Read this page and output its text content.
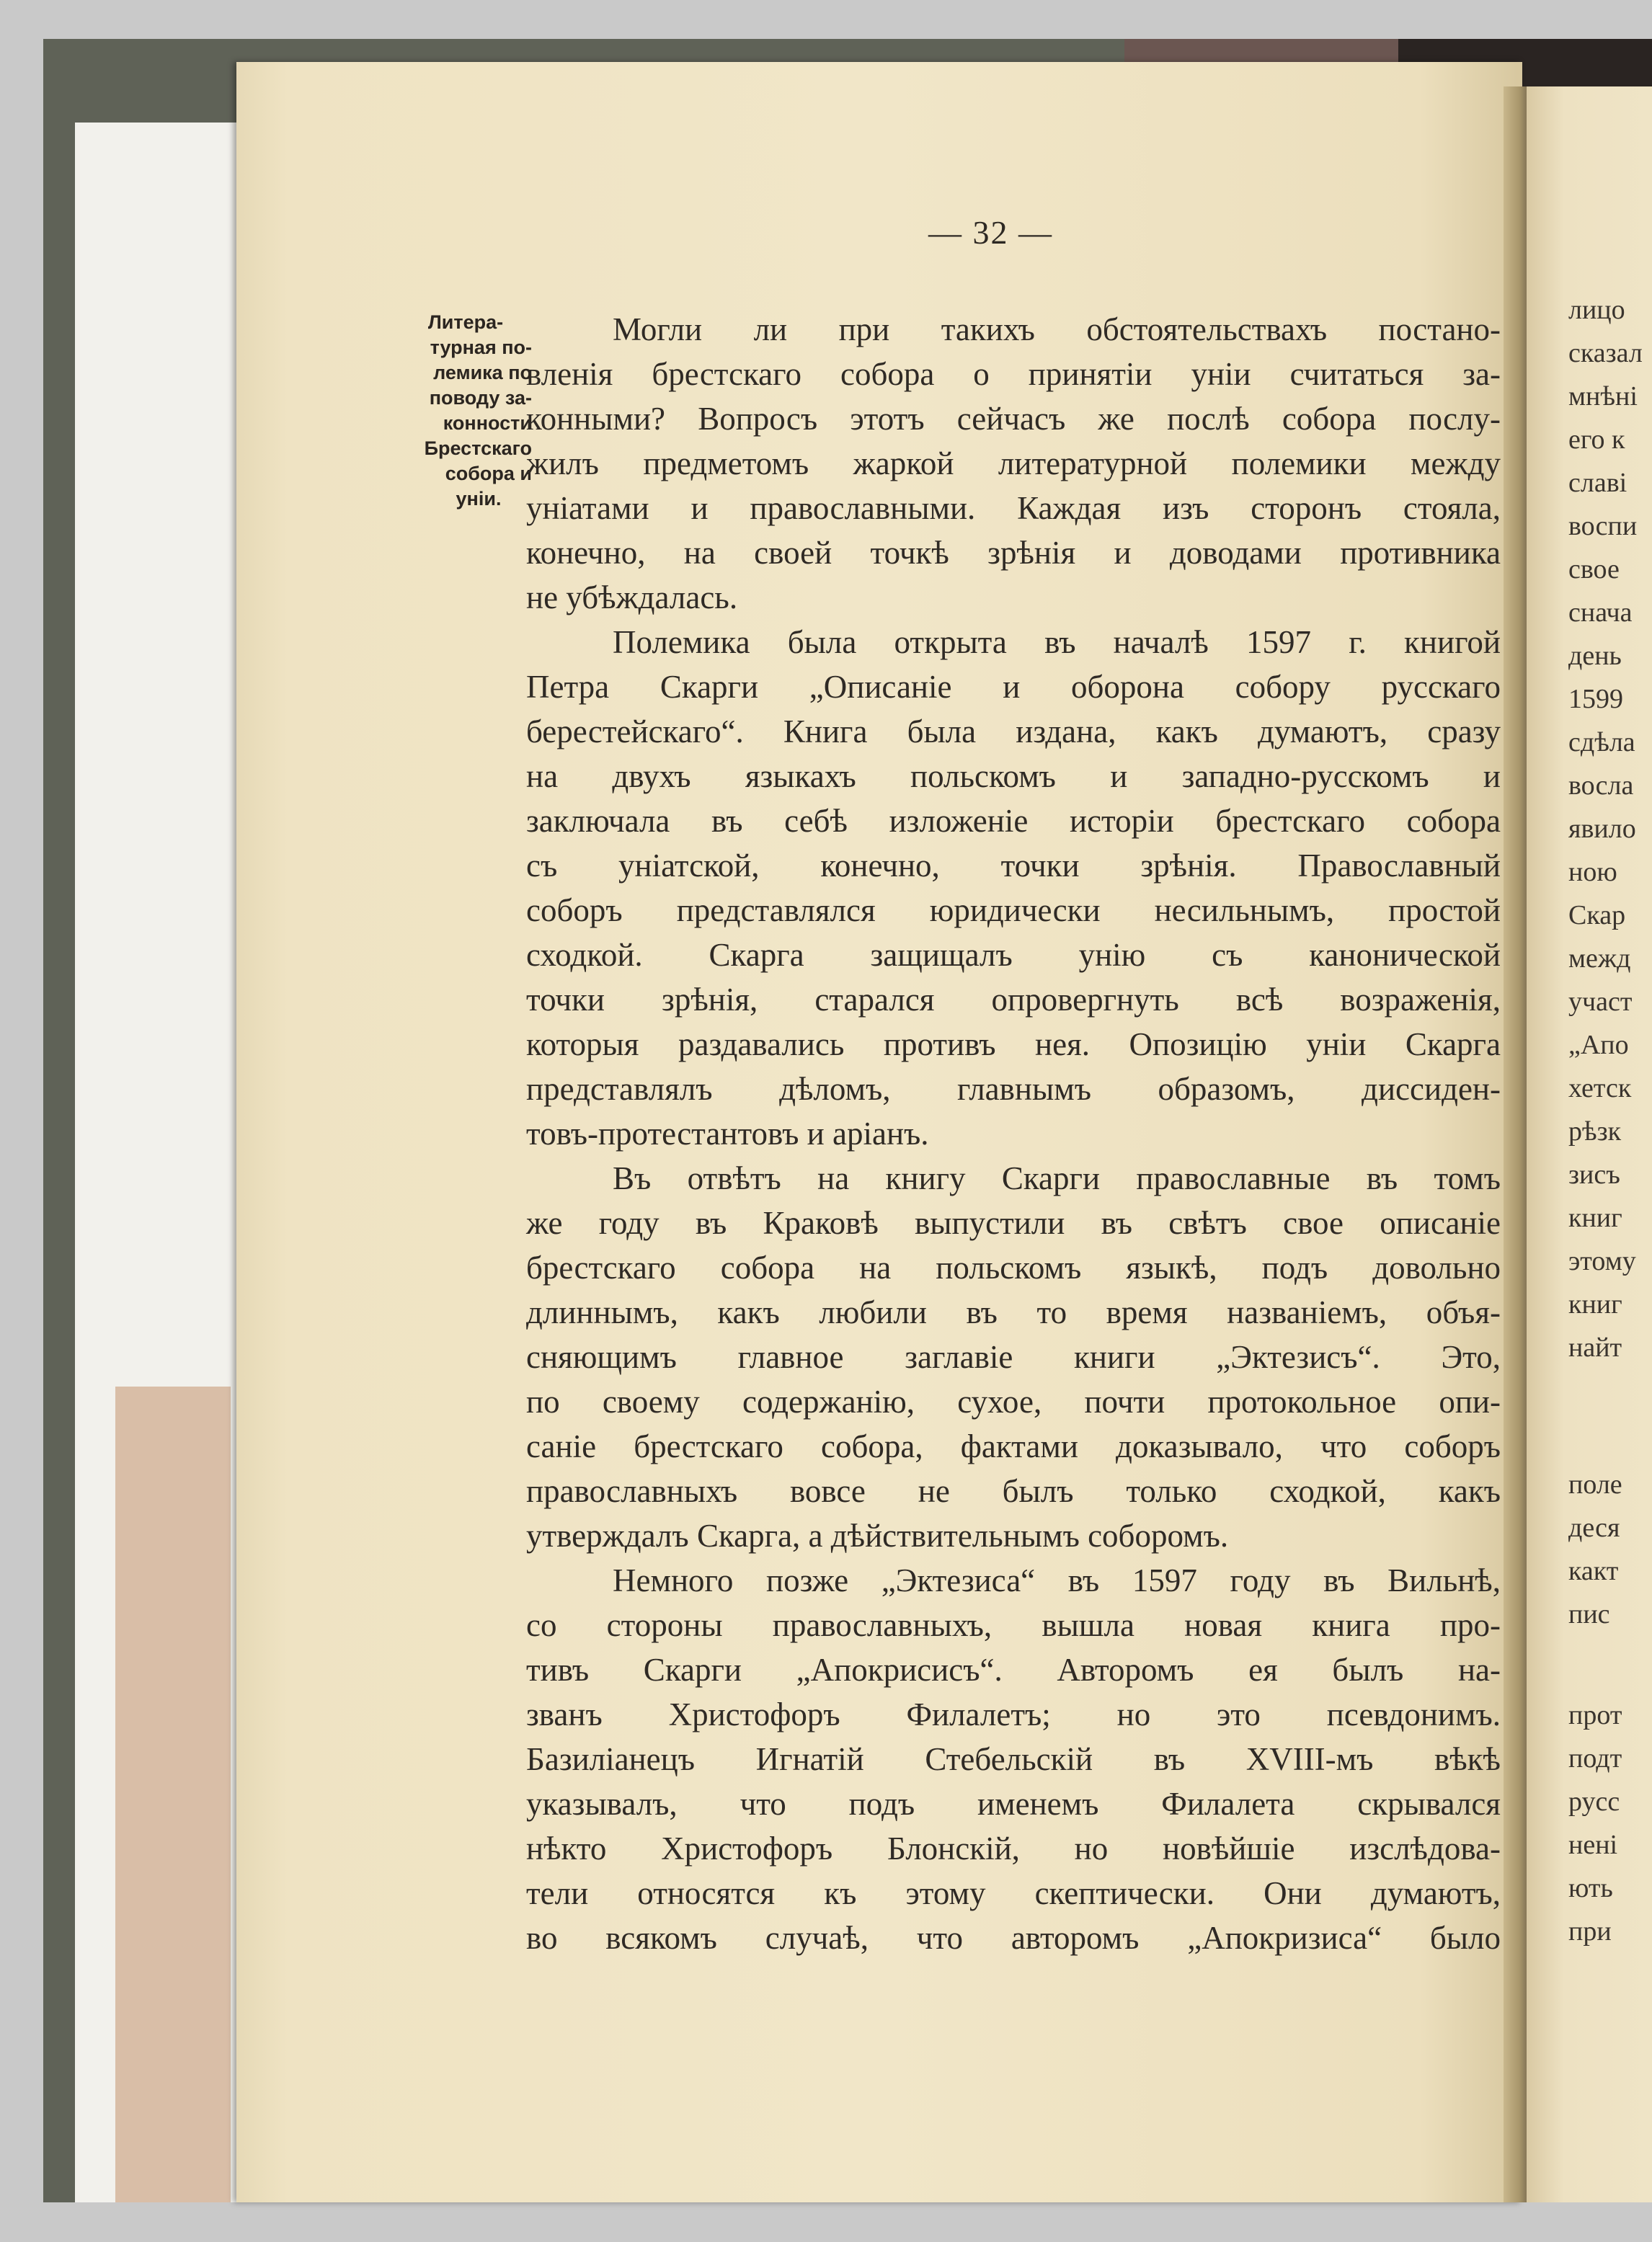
— 32 —
Литера-
турная по-
лемика по
поводу за-
конности
Брестскаго
собора и
уніи.
Могли ли при такихъ обстоятельствахъ постано-
вленія брестскаго собора о принятіи уніи считаться за-
конными? Вопросъ этотъ сейчасъ же послѣ собора послу-
жилъ предметомъ жаркой литературной полемики между
уніатами и православными. Каждая изъ сторонъ стояла,
конечно, на своей точкѣ зрѣнія и доводами противника
не убѣждалась.
Полемика была открыта въ началѣ 1597 г. книгой
Петра Скарги „Описаніе и оборона собору русскаго
берестейскаго“. Книга была издана, какъ думаютъ, сразу
на двухъ языкахъ польскомъ и западно-русскомъ и
заключала въ себѣ изложеніе исторіи брестскаго собора
съ уніатской, конечно, точки зрѣнія. Православный
соборъ представлялся юридически несильнымъ, простой
сходкой. Скарга защищалъ унію съ канонической
точки зрѣнія, старался опровергнуть всѣ возраженія,
которыя раздавались противъ нея. Опозицію уніи Скарга
представлялъ дѣломъ, главнымъ образомъ, диссиден-
товъ-протестантовъ и аріанъ.
Въ отвѣтъ на книгу Скарги православные въ томъ
же году въ Краковѣ выпустили въ свѣтъ свое описаніе
брестскаго собора на польскомъ языкѣ, подъ довольно
длиннымъ, какъ любили въ то время названіемъ, объя-
сняющимъ главное заглавіе книги „Эктезисъ“. Это,
по своему содержанію, сухое, почти протокольное опи-
саніе брестскаго собора, фактами доказывало, что соборъ
православныхъ вовсе не былъ только сходкой, какъ
утверждалъ Скарга, а дѣйствительнымъ соборомъ.
Немного позже „Эктезиса“ въ 1597 году въ Вильнѣ,
со стороны православныхъ, вышла новая книга про-
тивъ Скарги „Апокрисисъ“. Авторомъ ея былъ на-
званъ Христофоръ Филалетъ; но это псевдонимъ.
Базиліанецъ Игнатій Стебельскій въ XVIII-мъ вѣкѣ
указывалъ, что подъ именемъ Филалета скрывался
нѣкто Христофоръ Блонскій, но новѣйшіе изслѣдова-
тели относятся къ этому скептически. Они думаютъ,
во всякомъ случаѣ, что авторомъ „Апокризиса“ было
лицо
сказал
мнѣні
его к
славі
воспи
свое
снача
день
1599
сдѣла
восла
явило
ною
Скар
межд
участ
„Апо
хетск
рѣзк
зисъ
книг
этому
книг
найт
поле
деся
какт
пис
прот
подт
русс
нені
ють
при
